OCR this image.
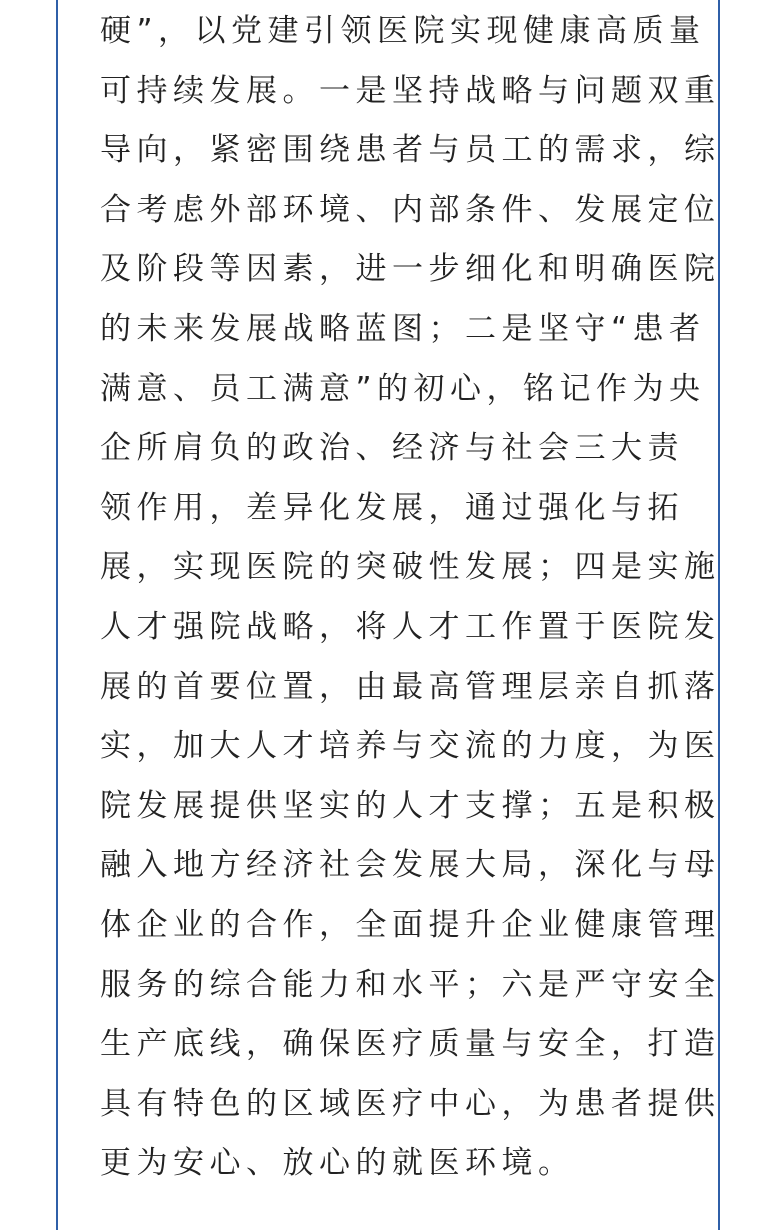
硬”，以党建引领医院实现健康高质量
可持续发展。一是坚持战略与问题双重
导向，紧密围绕患者与员工的需求，综
合考虑外部环境、内部条件、发展定位
及阶段等因素，进一步细化和明确医院
的未来发展战略蓝图；二是坚守“患者
满意、员工满意”的初心，铭记作为央
企所肩负的政治、经济与社会三大责
领作用，差异化发展，通过强化与拓
展，实现医院的突破性发展；四是实施
人才强院战略，将人才工作置于医院发
展的首要位置，由最高管理层亲自抓落
实，加大人才培养与交流的力度，为医
院发展提供坚实的人才支撑；五是积极
融入地方经济社会发展大局，深化与母
体企业的合作，全面提升企业健康管理
服务的综合能力和水平；六是严守安全
生产底线，确保医疗质量与安全，打造
具有特色的区域医疗中心，为患者提供
更为安心、放心的就医环境。
